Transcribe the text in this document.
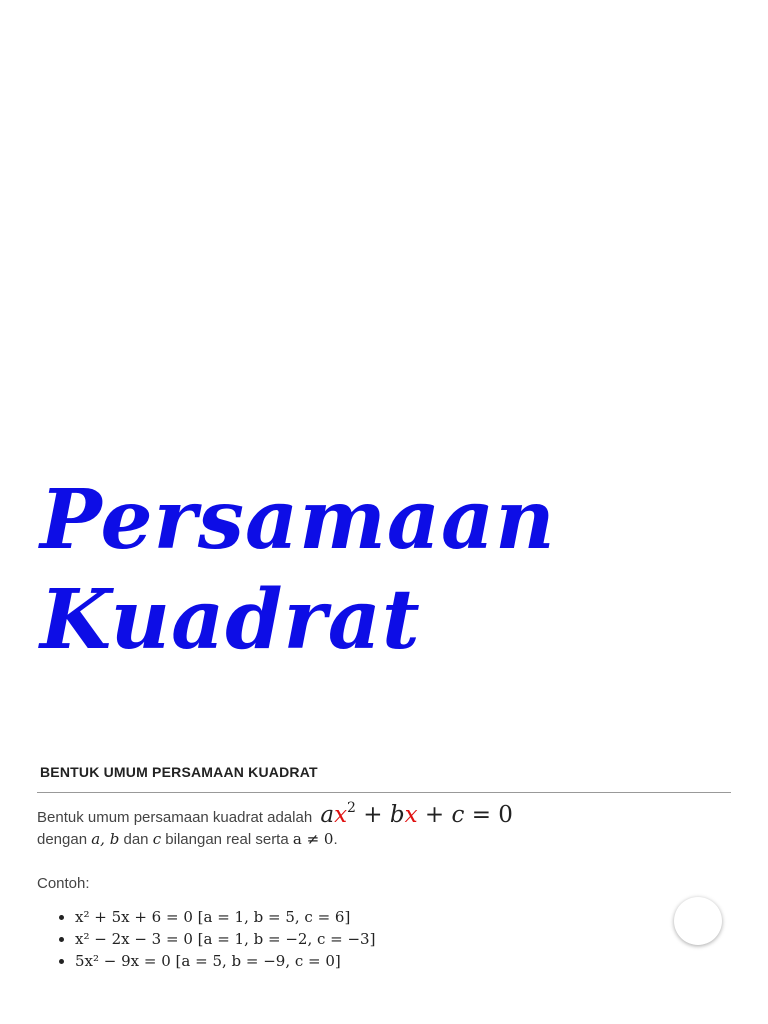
Persamaan
Kuadrat
BENTUK UMUM PERSAMAAN KUADRAT
Bentuk umum persamaan kuadrat adalah $ax^2$ + bx + c = 0
dengan a, b dan c bilangan real serta a ≠ 0.
Contoh:
• x² + 5x + 6 = 0 [a = 1, b = 5, c = 6]
• x² − 2x − 3 = 0 [a = 1, b = −2, c = −3]
• 5x² − 9x = 0 [a = 5, b = −9, c = 0]
